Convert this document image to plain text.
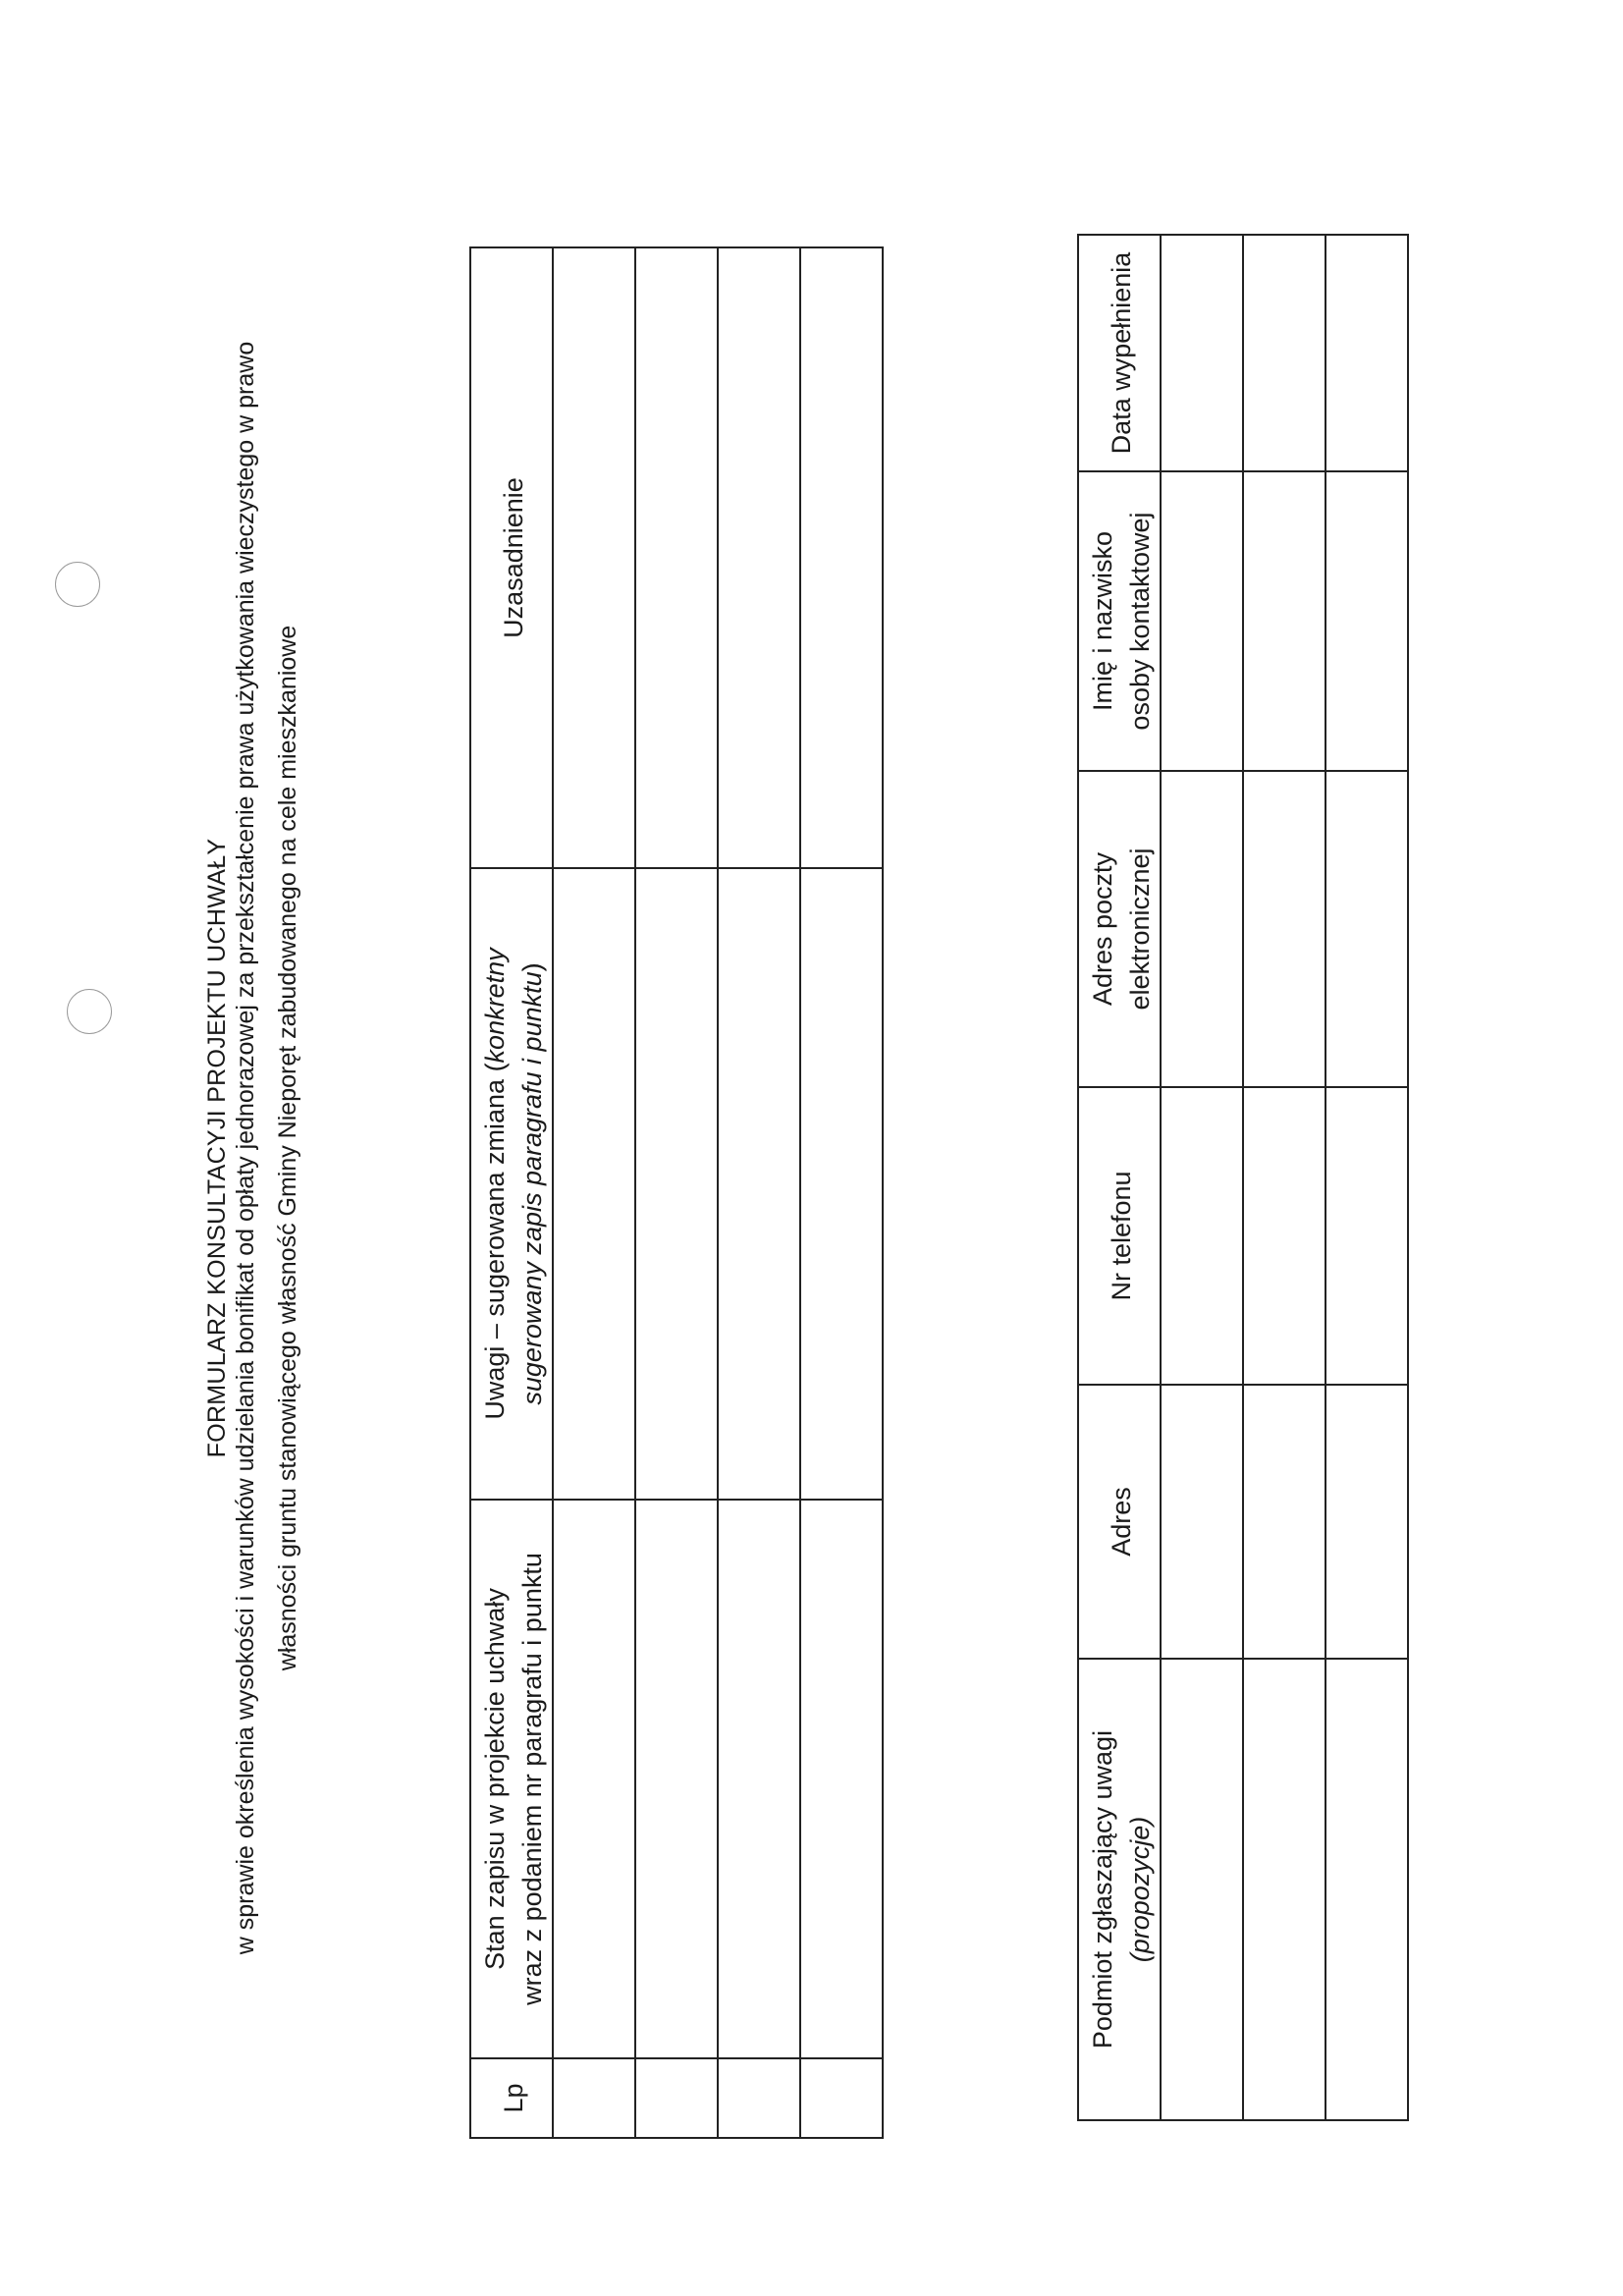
FORMULARZ KONSULTACYJI PROJEKTU UCHWAŁY w sprawie określenia wysokości i warunków udzielania bonifikat od opłaty jednorazowej za przekształcenie prawa użytkowania wieczystego w prawo własności gruntu stanowiącego własność Gminy Nieporęt zabudowanego na cele mieszkaniowe
Lp	Stan zapisu w projekcie uchwały wraz z podaniem nr paragrafu i punktu	Uwagi – sugerowana zmiana (konkretny sugerowany zapis paragrafu i punktu)	Uzasadnienie

Podmiot zgłaszający uwagi (propozycje)	Adres	Nr telefonu	Adres poczty elektronicznej	Imię i nazwisko osoby kontaktowej	Data wypełnienia
